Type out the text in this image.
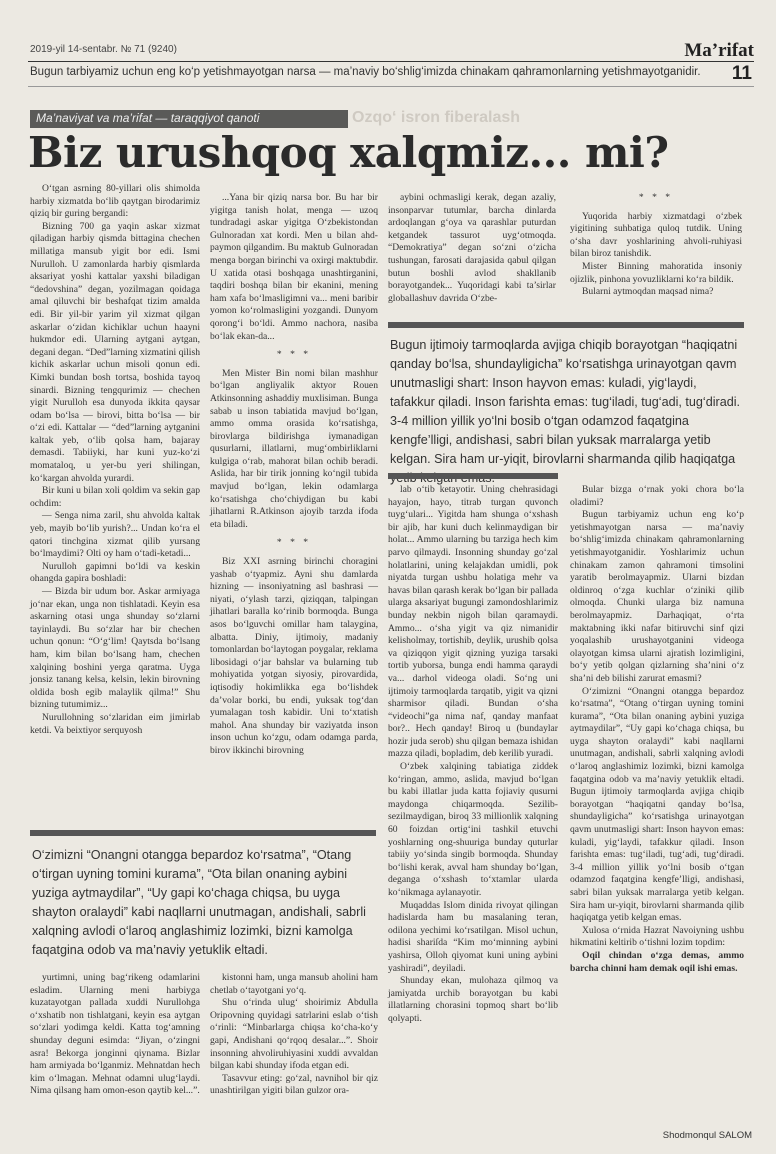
2019-yil 14-sentabr. № 71 (9240)	Ma’rifat
Bugun tarbiyamiz uchun eng ko‘p yetishmayotgan narsa — ma’naviy bo‘shlig‘imizda chinakam qahramonlarning yetishmayotganidir. 11
Ozqo‘ isron fiberalash
Ma’naviyat va ma’rifat — taraqqiyot qanoti
Biz urushqoq xalqmiz... mi?

O‘tgan asrning 80-yillari olis shimolda harbiy xizmatda bo‘lib qaytgan birodarimiz qiziq bir guring bergandi:

Bizning 700 ga yaqin askar xizmat qiladigan harbiy qismda bittagina chechen millatiga mansub yigit bor edi. Ismi Nurulloh. U zamonlarda harbiy qismlarda aksariyat yoshi kattalar yaxshi biladigan “dedovshina” degan, yozilmagan qoidaga amal qiluvchi bir beshafqat tizim amalda edi. Bir yil-bir yarim yil xizmat qilgan askarlar o‘zidan kichiklar uchun haayni hukmdor edi. Ularning aytgani aytgan, degani degan. “Ded”larning xizmatini qilish kichik askarlar uchun misoli qonun edi. Kimki bundan bosh tortsa, boshida tayoq sinardi. Bizning tengqurimiz — chechen yigit Nurulloh esa dunyoda ikkita qaysar odam bo‘lsa — birovi, bitta bo‘lsa — bir o‘zi edi. Kattalar — “ded”larning aytganini kaltak yeb, o‘lib qolsa ham, bajaray demasdi. Tabiiyki, har kuni yuz-ko‘zi momataloq, u yer-bu yeri shilingan, ko‘kargan ahvolda yurardi.

Bir kuni u bilan xoli qoldim va sekin gap ochdim:

— Senga nima zaril, shu ahvolda kaltak yeb, mayib bo‘lib yurish?... Undan ko‘ra el qatori tinchgina xizmat qilib yursang bo‘lmaydimi? Olti oy ham o‘tadi-ketadi...

Nurulloh gapimni bo‘ldi va keskin ohangda gapira boshladi:

— Bizda bir udum bor. Askar armiyaga jo‘nar ekan, unga non tishlatadi. Keyin esa askarning otasi unga shunday so‘zlarni tayinlaydi. Bu so‘zlar har bir chechen uchun qonun: “O‘g‘lim! Qaytsdа bo‘lsang ham, kim bilan bo‘lsang ham, chechen xalqining boshini yerga qaratma. Uyga jonsiz tanang kelsa, kelsin, lekin birovning oldida bosh egib malaylik qilma!” Shu bizning tutumimiz...

Nurullohning so‘zlaridan eim jimirlab ketdi. Va beixtiyor serquyosh

...Yana bir qiziq narsa bor. Bu har bir yigitga tanish holat, menga — uzoq tundradagi askar yigitga O‘zbekistondan Gulnoradan xat kordi. Men u bilan ahd-paymon qilgandim. Bu maktub Gulnoradan menga borgan birinchi va oxirgi maktubdir. U xatida otasi boshqaga unashtirganini, taqdiri boshqa bilan bir ekanini, mening ham xafa bo‘lmasligimni va... meni baribir yomon ko‘rolmasligini yozgandi. Dunyom qorong‘i bo‘ldi. Ammo nachora, nasiba bo‘lak ekan-da...

* * *

Men Mister Bin nomi bilan mashhur bo‘lgan angliyalik aktyor Rouen Atkinsonning ashaddiy muxlisiman. Bunga sabab u inson tabiatida mavjud bo‘lgan, ammo omma orasida ko‘rsatishga, birovlarga bildirishga iymanadigan qusurlarni, illatlarni, mug‘ombirliklarni kulgiga o‘rab, mahorat bilan ochib beradi. Aslida, har bir tirik jonning ko‘ngil tubida mavjud bo‘lgan, lekin odamlarga ko‘rsatishga cho‘chiydigan bu kabi jihatlarni R.Atkinson ajoyib tarzda ifoda eta biladi.

* * *

Biz XXI asrning birinchi choragini yashab o‘tyapmiz. Ayni shu damlarda hizning — insoniyatning asl bashrasi — niyati, o‘ylash tarzi, qiziqqan, talpingan jihatlari baralla ko‘rinib bormoqda. Bunga asos bo‘lguvchi omillar ham talaygina, albatta. Diniy, ijtimoiy, madaniy tomonlardan bo‘laytogan poygalar, reklama libosidagi o‘jar bahslar va bularning tub mohiyatida yotgan siyosiy, pirovardida, iqtisodiy hokimlikka ega bo‘lishdek da’volar borki, bu endi, yuksak tog‘dan yumalagan tosh kabidir. Uni to‘xtatish mahol. Ana shunday bir vaziyatda inson inson uchun ko‘zgu, odam odamga parda, birov ikkinchi birovning

aybini ochmasligi kerak, degan azaliy, insonparvar tutumlar, barcha dinlarda ardoqlangan g‘oya va qarashlar puturdan ketgandek tassurot uyg‘otmoqda. “Demokratiya” degan so‘zni o‘zicha tushungan, farosati darajasida qabul qilgan butun boshli avlod shakllanib borayotgandek... Yuqoridagi kabi ta’sirlar globallashuv davrida O‘zbe-

* * *

Yuqorida harbiy xizmatdagi o‘zbek yigitining suhbatiga quloq tutdik. Uning o‘sha davr yoshlarining ahvoli-ruhiyasi bilan biroz tanishdik.

Mister Binning mahoratida insoniy ojizlik, pinhona yovuzliklarni ko‘ra bildik.

Bularni aytmoqdan maqsad nima?

Bugun ijtimoiy tarmoqlarda avjiga chiqib borayotgan “haqiqatni qanday bo‘lsa, shundayligicha” ko‘rsatishga urinayotgan qavm unutmasligi shart: Inson hayvon emas: kuladi, yig‘laydi, tafakkur qiladi. Inson farishta emas: tug‘iladi, tug‘adi, tug‘diradi. 3-4 million yillik yo‘lni bosib o‘tgan odamzod faqatgina kengfe’lligi, andishasi, sabri bilan yuksak marralarga yetib kelgan. Sira ham ur-yiqit, birovlarni sharmanda qilib haqiqatga

lab o‘tib ketayotir. Uning chehrasidagi hayajon, hayo, titrab turgan quvonch tuyg‘ulari... Yigitda ham shunga o‘xshash bir ajib, har kuni duch kelinmaydigan bir holat... Ammo ularning bu tarziga hech kim parvo qilmaydi. Insonning shunday go‘zal holatlarini, uning kelajakdan umidli, pok niyatda turgan ushbu holatiga mehr va havas bilan qarash kerak bo‘lgan bir pallada ularga aksariyat bugungi zamondoshlarimiz bunday nekbin nigoh bilan qaramaydi. Ammo... o‘sha yigit va qiz nimanidir kelisholmay, tortishib, deylik, urushib qolsa va qiziqqon yigit qizning yuziga tarsaki tortib yuborsa, bunga endi hamma qaraydi va... darhol videoga oladi. So‘ng uni ijtimoiy tarmoqlarda tarqatib, yigit va qizni sharmisor qiladi. Bundan o‘sha “videochi”ga nima naf, qanday manfaat bor?.. Hech qanday! Biroq u (bundaylar hozir juda serob) shu qilgan bemaza ishidan mazza qiladi, bopladim, deb kerilib yuradi.

O‘zbek xalqining tabiatiga ziddek ko‘ringan, ammo, aslida, mavjud bo‘lgan bu kabi illatlar juda katta fojiaviy qusurni maydonga chiqarmoqda. Sezilib-sezilmaydigan, biroq 33 millionlik xalqning 60 foizdan ortig‘ini tashkil etuvchi yoshlarning ong-shuuriga bunday quturlar tabiiy yo‘sinda singib bormoqda. Shunday bo‘lishi kerak, avval ham shunday bo‘lgan, deganga o‘xshash to‘xtamlar ularda ko‘nikmaga aylanayotir.

Muqaddas Islom dinida rivoyat qilingan hadislarda ham bu masalaning teran, odilona yechimi ko‘rsatilgan. Misol uchun, hadisi shariſda “Kim mo‘minning aybini yashirsa, Olloh qiyomat kuni uning aybini yashiradi”, deyiladi.

Shunday ekan, mulohaza qilmoq va jamiyatda urchib borayotgan bu kabi illatlarning chorasini topmoq shart bo‘lib qolyapti.

Bular bizga o‘rnak yoki chora bo‘la oladimi?

Bugun tarbiyamiz uchun eng ko‘p yetishmayotgan narsa — ma’naviy bo‘shlig‘imizda chinakam qahramonlarning yetishmayotganidir. Yoshlarimiz uchun chinakam zamon qahramoni timsolini yaratib berolmayapmiz. Ularni bizdan oldinroq o‘zga kuchlar o‘ziniki qilib olmoqda. Chunki ularga biz namuna berolmayapmiz. Darhaqiqat, o‘rta maktabning ikki nafar bitiruvchi sinf qizi yoqalashib urushayotganini videoga olayotgan kimsa ularni ajratish lozimligini, bo‘y yetib qolgan qizlarning sha’nini o‘z sha’ni deb bilishi zarurat emasmi?

O‘zimizni “Onangni otangga bepardoz ko‘rsatma”, “Otang o‘tirgan uyning tomini kurama”, “Ota bilan onaning aybini yuziga aytmaydilar”, “Uy gapi ko‘chaga chiqsa, bu uyga shayton oralaydi” kabi naqllarni unutmagan, andishali, sabrli xalqning avlodi o‘laroq anglashimiz lozimki, bizni kamolga faqatgina odob va ma’naviy yetuklik eltadi. Bugun ijtimoiy tarmoqlarda avjiga chiqib borayotgan “haqiqatni qanday bo‘lsa, shundayligicha” ko‘rsatishga urinayotgan qavm unutmasligi shart: Inson hayvon emas: kuladi, yig‘laydi, tafakkur qiladi. Inson farishta emas: tug‘iladi, tug‘adi, tug‘diradi. 3-4 million yillik yo‘lni bosib o‘tgan odamzod faqatgina kengfe’lligi, andishasi, sabri bilan yuksak marralarga yetib kelgan. Sira ham ur-yiqit, birovlarni sharmanda qilib haqiqatga yetib kelgan emas.

Xulosa o‘rnida Hazrat Navoiyning ushbu hikmatini keltirib o‘tishni lozim topdim:

Oqil chindan o‘zga demas, ammo barcha chinni ham demak oqil ishi emas.

O‘zimizni “Onangni otangga bepardoz ko‘rsatma”, “Otang o‘tirgan uyning tomini kurama”, “Ota bilan onaning aybini yuziga aytmaydilar”, “Uy gapi ko‘chaga chiqsa, bu uyga shayton oralaydi” kabi naqllarni unutmagan, andishali, sabrli xalqning avlodi o‘laroq anglashimiz lozimki, bizni kamolga faqatgina odob va ma’naviy yetuklik eltadi.

yurtimni, uning bag‘rikeng odamlarini esladim. Ularning meni harbiyga kuzatayotgan pallada xuddi Nurullohga o‘xshatib non tishlatgani, keyin esa aytgan so‘zlari yodimga keldi. Katta tog‘amning shunday deguni esimda: “Jiyan, o‘zingni asra! Bekorga jonginni qiynama. Bizlar ham armiyada bo‘lganmiz. Mehnatdan hech kim o‘lmagan. Mehnat odamni ulug‘laydi. Nima qilsang ham omon-eson qaytib kel...”.

kistonni ham, unga mansub aholini ham chetlab o‘tayotgani yo‘q.

Shu o‘rinda ulug‘ shoirimiz Abdulla Oripovning quyidagi satrlarini eslab o‘tish o‘rinli: “Minbarlarga chiqsa ko‘cha-ko‘y gapi, Andishani qo‘rqoq desalar...”. Shoir insonning ahvoliruhiyasini xuddi avvaldan bilgan kabi shunday ifoda etgan edi.

Tasavvur eting: go‘zal, navnihol bir qiz unashtirilgan yigiti bilan gulzor ora-

Shodmonqul SALOM
